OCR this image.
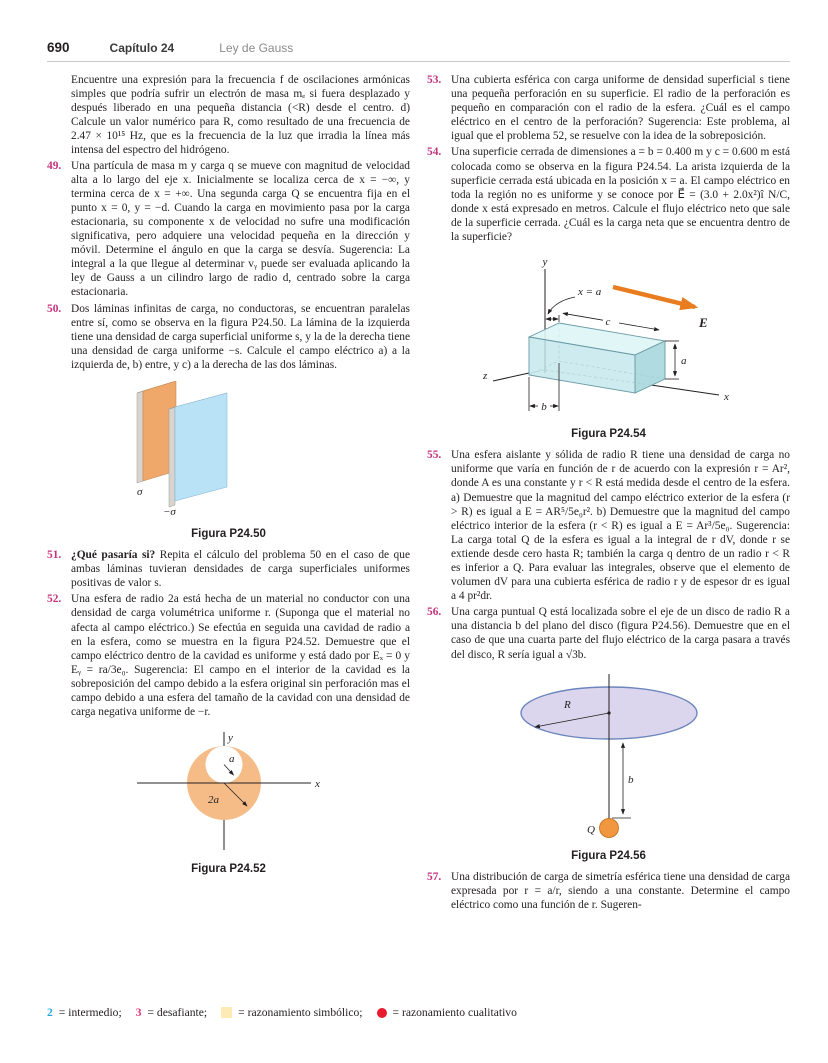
690	Capítulo 24	Ley de Gauss

Encuentre una expresión para la frecuencia f de oscilaciones armónicas simples que podría sufrir un electrón de masa mₑ si fuera desplazado y después liberado en una pequeña distancia (<R) desde el centro. d) Calcule un valor numérico para R, como resultado de una frecuencia de 2.47 × 10¹⁵ Hz, que es la frecuencia de la luz que irradia la línea más intensa del espectro del hidrógeno.

49. Una partícula de masa m y carga q se mueve con magnitud de velocidad alta a lo largo del eje x. Inicialmente se localiza cerca de x = −∞, y termina cerca de x = +∞. Una segunda carga Q se encuentra fija en el punto x = 0, y = −d. Cuando la carga en movimiento pasa por la carga estacionaria, su componente x de velocidad no sufre una modificación significativa, pero adquiere una velocidad pequeña en la dirección y móvil. Determine el ángulo en que la carga se desvía. Sugerencia: La integral a la que llegue al determinar vᵧ puede ser evaluada aplicando la ley de Gauss a un cilindro largo de radio d, centrado sobre la carga estacionaria.
50. Dos láminas infinitas de carga, no conductoras, se encuentran paralelas entre sí, como se observa en la figura P24.50. La lámina de la izquierda tiene una densidad de carga superficial uniforme s, y la de la derecha tiene una densidad de carga uniforme −s. Calcule el campo eléctrico a) a la izquierda de, b) entre, y c) a la derecha de las dos láminas.
σ
−σ
Figura P24.50
51. ¿Qué pasaría si? Repita el cálculo del problema 50 en el caso de que ambas láminas tuvieran densidades de carga superficiales uniformes positivas de valor s.
52. Una esfera de radio 2a está hecha de un material no conductor con una densidad de carga volumétrica uniforme r. (Suponga que el material no afecta al campo eléctrico.) Se efectúa en seguida una cavidad de radio a en la esfera, como se muestra en la figura P24.52. Demuestre que el campo eléctrico dentro de la cavidad es uniforme y está dado por Eₓ = 0 y Eᵧ = ra/3e₀. Sugerencia: El campo en el interior de la cavidad es la sobreposición del campo debido a la esfera original sin perforación mas el campo debido a una esfera del tamaño de la cavidad con una densidad de carga negativa uniforme de −r.
a
2a
y
x
Figura P24.52
53. Una cubierta esférica con carga uniforme de densidad superficial s tiene una pequeña perforación en su superficie. El radio de la perforación es pequeño en comparación con el radio de la esfera. ¿Cuál es el campo eléctrico en el centro de la perforación? Sugerencia: Este problema, al igual que el problema 52, se resuelve con la idea de la sobreposición.
54. Una superficie cerrada de dimensiones a = b = 0.400 m y c = 0.600 m está colocada como se observa en la figura P24.54. La arista izquierda de la superficie cerrada está ubicada en la posición x = a. El campo eléctrico en toda la región no es uniforme y se conoce por E⃗ = (3.0 + 2.0x²)î N/C, donde x está expresado en metros. Calcule el flujo eléctrico neto que sale de la superficie cerrada. ¿Cuál es la carga neta que se encuentra dentro de la superficie?
E⃗
x = a
c
a
b
y
x
z
Figura P24.54
55. Una esfera aislante y sólida de radio R tiene una densidad de carga no uniforme que varía en función de r de acuerdo con la expresión r = Ar², donde A es una constante y r < R está medida desde el centro de la esfera. a) Demuestre que la magnitud del campo eléctrico exterior de la esfera (r > R) es igual a E = AR⁵/5e₀r². b) Demuestre que la magnitud del campo eléctrico interior de la esfera (r < R) es igual a E = Ar³/5e₀. Sugerencia: La carga total Q de la esfera es igual a la integral de r dV, donde r se extiende desde cero hasta R; también la carga q dentro de un radio r < R es inferior a Q. Para evaluar las integrales, observe que el elemento de volumen dV para una cubierta esférica de radio r y de espesor dr es igual a 4 pr²dr.
56. Una carga puntual Q está localizada sobre el eje de un disco de radio R a una distancia b del plano del disco (figura P24.56). Demuestre que en el caso de que una cuarta parte del flujo eléctrico de la carga pasara a través del disco, R sería igual a √3b.
R
b
Q
Figura P24.56
57. Una distribución de carga de simetría esférica tiene una densidad de carga expresada por r = a/r, siendo a una constante. Determine el campo eléctrico como una función de r. Sugeren-
2 = intermedio; 3 = desafiante;	= razonamiento simbólico;	= razonamiento cualitativo
